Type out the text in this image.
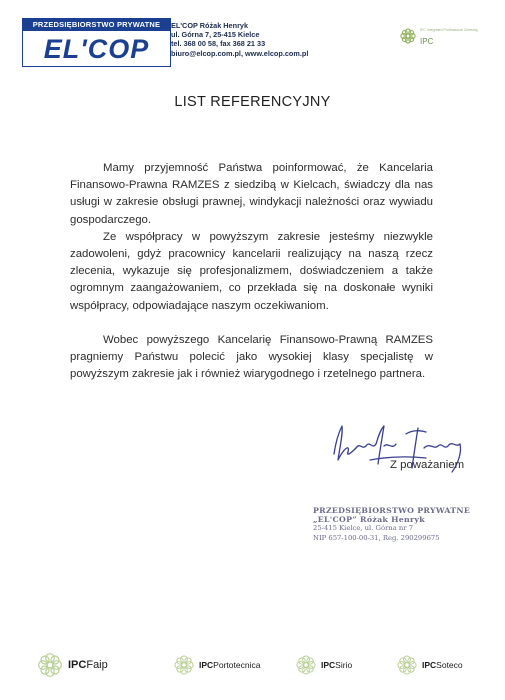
PRZEDSIĘBIORSTWO PRYWATNE
EL'COP
EL'COP Różak Henryk
ul. Górna 7, 25-415 Kielce
tel. 368 00 58, fax 368 21 33
biuro@elcop.com.pl, www.elcop.com.pl
IPC Integrated Professional Cleaning
IPC
LIST REFERENCYJNY

Mamy przyjemność Państwa poinformować, że Kancelaria Finansowo-Prawna RAMZES z siedzibą w Kielcach, świadczy dla nas usługi w zakresie obsługi prawnej, windykacji należności oraz wywiadu gospodarczego.

Ze współpracy w powyższym zakresie jesteśmy niezwykle zadowoleni, gdyż pracownicy kancelarii realizujący na naszą rzecz zlecenia, wykazuje się profesjonalizmem, doświadczeniem a także ogromnym zaangażowaniem, co przekłada się na doskonałe wyniki współpracy, odpowiadające naszym oczekiwaniom.

Wobec powyższego Kancelarię Finansowo-Prawną RAMZES pragniemy Państwu polecić jako wysokiej klasy specjalistę w powyższym zakresie jak i również wiarygodnego i rzetelnego partnera.

Z poważaniem
PRZEDSIĘBIORSTWO PRYWATNE
„EL'COP” Różak Henryk
25-415 Kielce, ul. Górna nr 7
NIP 657-100-00-31, Reg. 290299675
IPCFaip	IPCPortotecnica	IPCSirio	IPCSoteco
